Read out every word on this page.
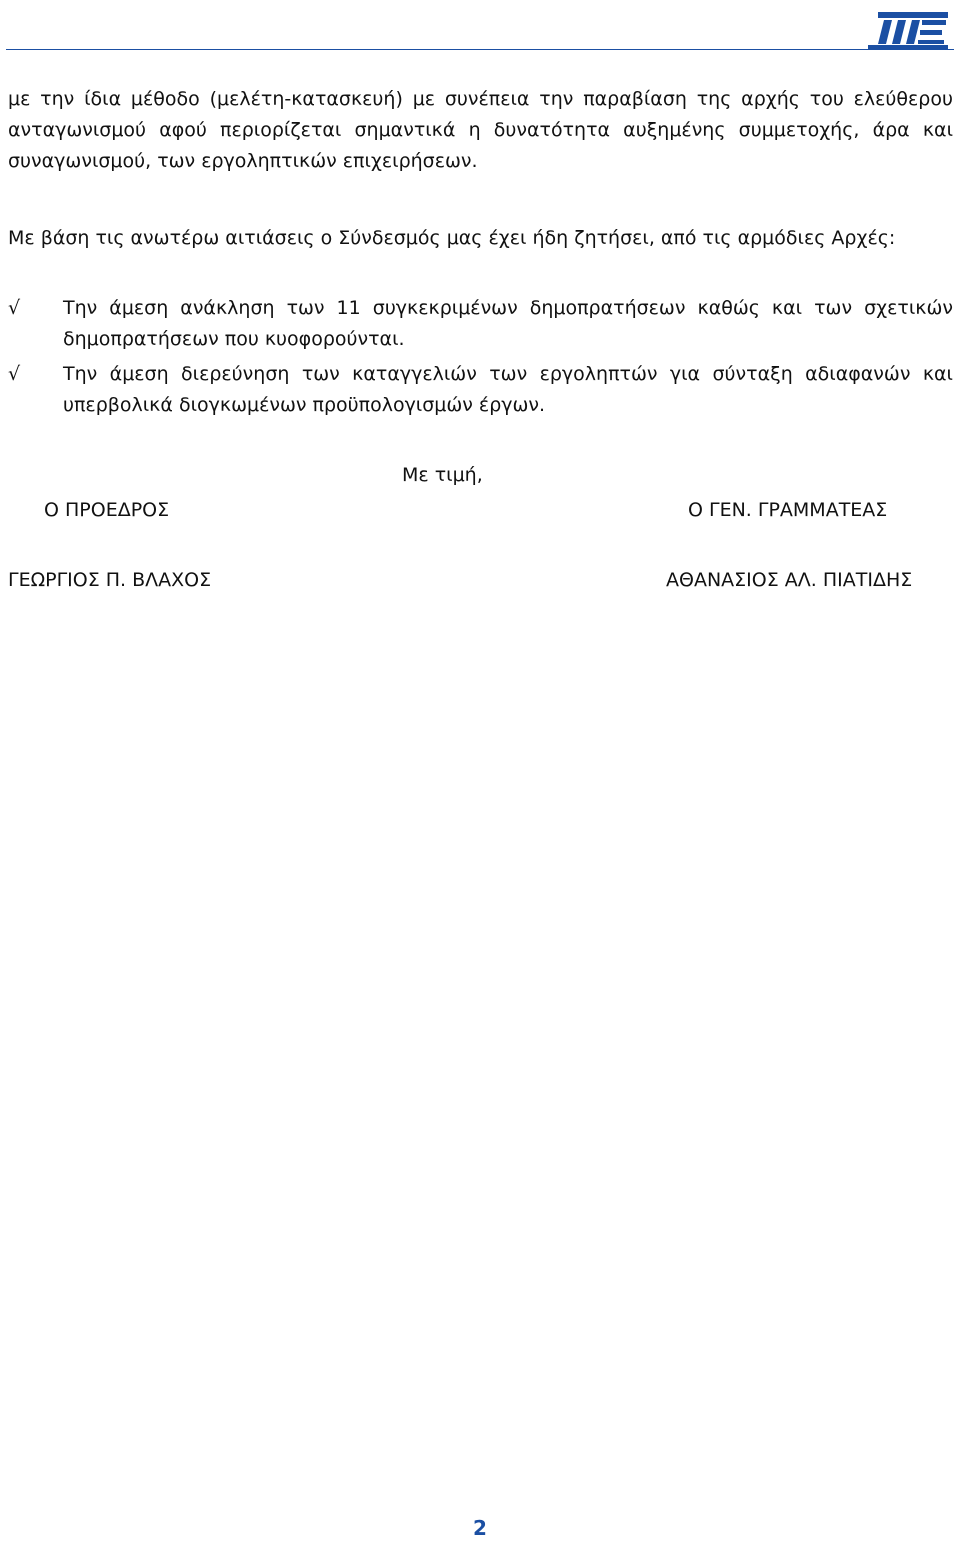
με την ίδια μέθοδο (μελέτη-κατασκευή) με συνέπεια την παραβίαση της αρχής του ελεύθερου ανταγωνισμού αφού περιορίζεται σημαντικά η δυνατότητα αυξημένης συμμετοχής, άρα και συναγωνισμού, των εργοληπτικών επιχειρήσεων.

Με βάση τις ανωτέρω αιτιάσεις ο Σύνδεσμός μας έχει ήδη ζητήσει, από τις αρμόδιες Αρχές:

√ Την άμεση ανάκληση των 11 συγκεκριμένων δημοπρατήσεων καθώς και των σχετικών δημοπρατήσεων που κυοφορούνται.
√ Την άμεση διερεύνηση των καταγγελιών των εργοληπτών για σύνταξη αδιαφανών και υπερβολικά διογκωμένων προϋπολογισμών έργων.
Με τιμή,
Ο ΠΡΟΕΔΡΟΣ	Ο ΓΕΝ. ΓΡΑΜΜΑΤΕΑΣ
ΓΕΩΡΓΙΟΣ Π. ΒΛΑΧΟΣ	ΑΘΑΝΑΣΙΟΣ ΑΛ. ΠΙΑΤΙΔΗΣ
2
